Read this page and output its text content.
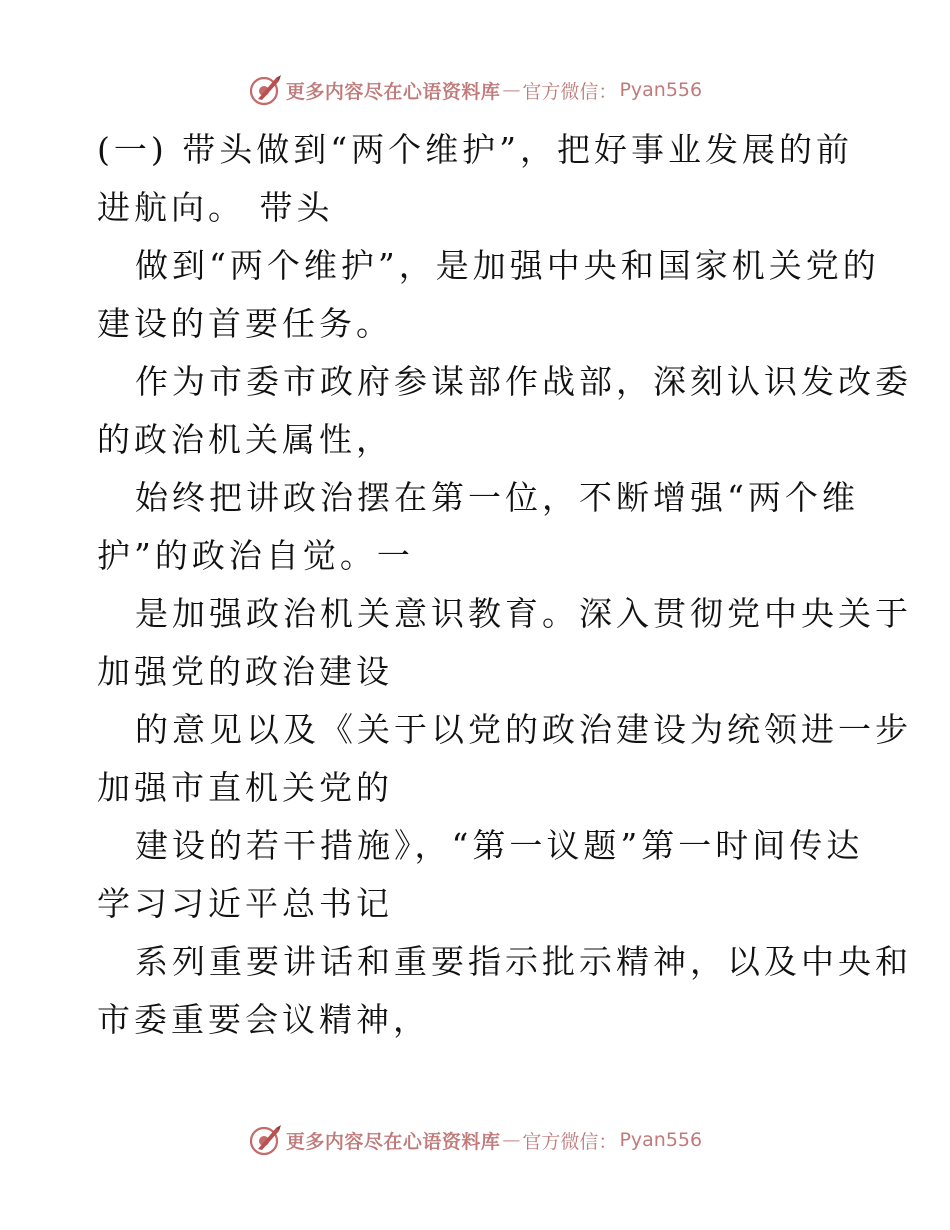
更多内容尽在心语资料库 — 官方微信： Pyan556
(一) 带头做到“两个维护”，把好事业发展的前
进航向。 带头
做到“两个维护”，是加强中央和国家机关党的
建设的首要任务。
作为市委市政府参谋部作战部，深刻认识发改委
的政治机关属性，
始终把讲政治摆在第一位，不断增强“两个维
护”的政治自觉。一
是加强政治机关意识教育。深入贯彻党中央关于
加强党的政治建设
的意见以及《关于以党的政治建设为统领进一步
加强市直机关党的
建设的若干措施》，“第一议题”第一时间传达
学习习近平总书记
系列重要讲话和重要指示批示精神，以及中央和
市委重要会议精神，
更多内容尽在心语资料库 — 官方微信： Pyan556
